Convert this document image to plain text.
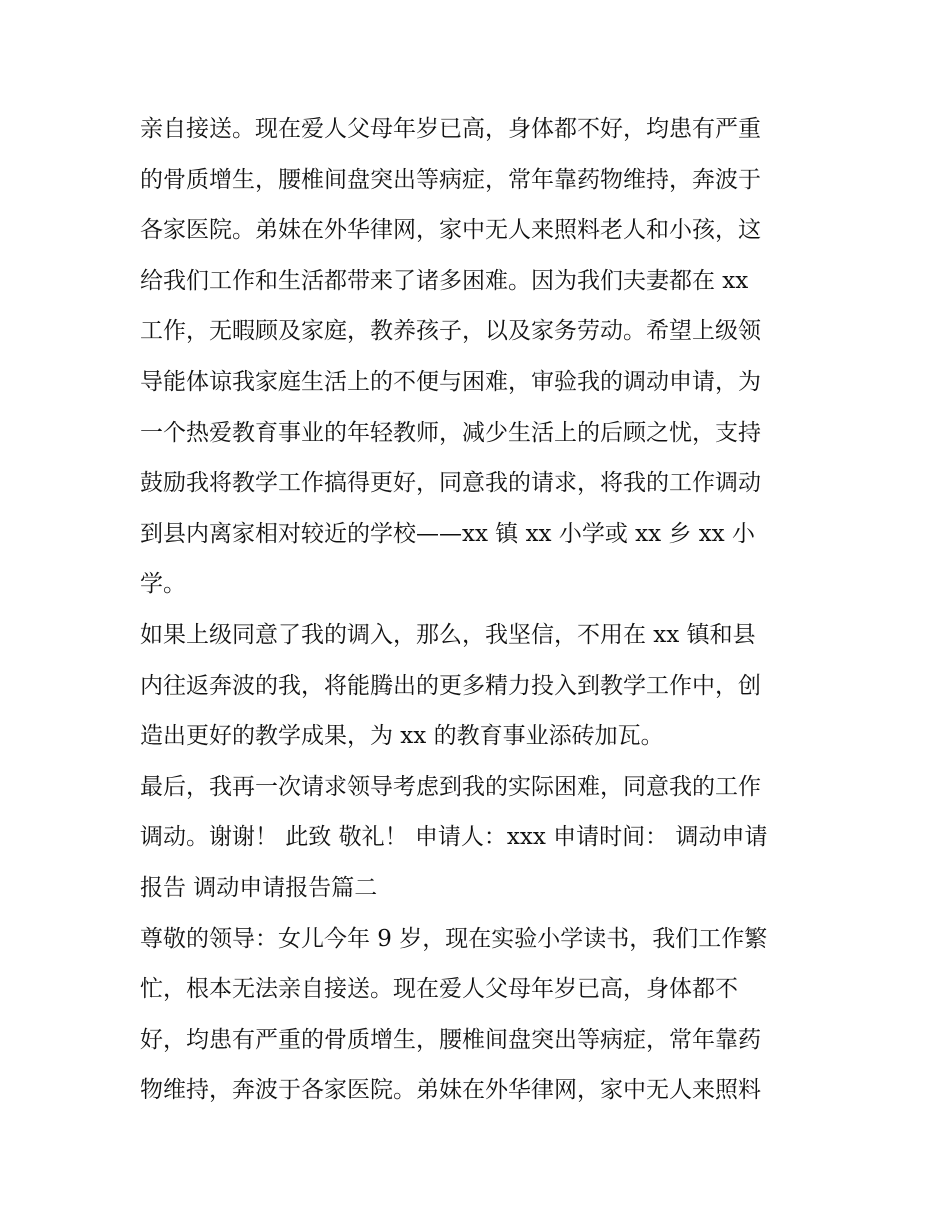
亲自接送。现在爱人父母年岁已高，身体都不好，均患有严重
的骨质增生，腰椎间盘突出等病症，常年靠药物维持，奔波于
各家医院。弟妹在外华律网，家中无人来照料老人和小孩，这
给我们工作和生活都带来了诸多困难。因为我们夫妻都在 xx
工作，无暇顾及家庭，教养孩子，以及家务劳动。希望上级领
导能体谅我家庭生活上的不便与困难，审验我的调动申请，为
一个热爱教育事业的年轻教师，减少生活上的后顾之忧，支持
鼓励我将教学工作搞得更好，同意我的请求，将我的工作调动
到县内离家相对较近的学校——xx 镇 xx 小学或 xx 乡 xx 小
学。
如果上级同意了我的调入，那么，我坚信，不用在 xx 镇和县
内往返奔波的我，将能腾出的更多精力投入到教学工作中，创
造出更好的教学成果，为 xx 的教育事业添砖加瓦。
最后，我再一次请求领导考虑到我的实际困难，同意我的工作
调动。谢谢！ 此致 敬礼！ 申请人：xxx 申请时间： 调动申请
报告 调动申请报告篇二
尊敬的领导：女儿今年 9 岁，现在实验小学读书，我们工作繁
忙，根本无法亲自接送。现在爱人父母年岁已高，身体都不
好，均患有严重的骨质增生，腰椎间盘突出等病症，常年靠药
物维持，奔波于各家医院。弟妹在外华律网，家中无人来照料
